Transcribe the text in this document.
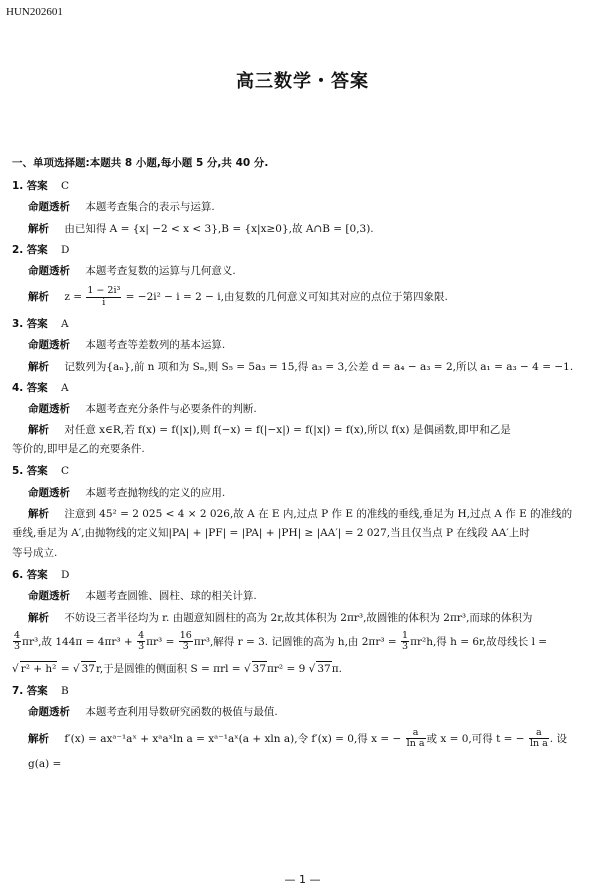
HUN202601
高三数学・答案
一、单项选择题:本题共 8 小题,每小题 5 分,共 40 分.
1. 答案 C
命题透析 本题考查集合的表示与运算.
解析 由已知得 A = {x| −2 < x < 3},B = {x|x≥0},故 A∩B = [0,3).
2. 答案 D
命题透析 本题考查复数的运算与几何意义.
解析 $z = \frac{\text{1 − 2i³}}{i} = -2i^2 - i = 2 - i$,由复数的几何意义可知其对应的点位于第四象限.
3. 答案 A
命题透析 本题考查等差数列的基本运算.
解析 记数列为{aₙ},前 n 项和为 Sₙ,则 S₅ = 5a₃ = 15,得 a₃ = 3,公差 d = a₄ − a₃ = 2,所以 a₁ = a₃ − 4 = −1.
4. 答案 A
命题透析 本题考查充分条件与必要条件的判断.
解析 对任意 x∈R,若 f(x) = f(|x|),则 f(−x) = f(|−x|) = f(|x|) = f(x),所以 f(x) 是偶函数,即甲和乙是
等价的,即甲是乙的充要条件.
5. 答案 C
命题透析 本题考查抛物线的定义的应用.
解析 注意到 45² = 2 025 < 4 × 2 026,故 A 在 E 内,过点 P 作 E 的准线的垂线,垂足为 H,过点 A 作 E 的准线的
垂线,垂足为 A′,由抛物线的定义知|PA| + |PF| = |PA| + |PH| ≥ |AA′| = 2 027,当且仅当点 P 在线段 AA′上时
等号成立.
6. 答案 D
命题透析 本题考查圆锥、圆柱、球的相关计算.
解析 不妨设三者半径均为 r. 由题意知圆柱的高为 2r,故其体积为 2πr³,故圆锥的体积为 2πr³,而球的体积为
$\frac{4}{3} \pi r^3$,故 $144\pi = 4\pi r^3 + \frac{4}{3} \pi r^3 = \frac{16}{3} \pi r^3$,解得 r = 3. 记圆锥的高为 h,由 $2\pi r^3 = \frac{1}{3} \pi r^2h$,得 h = 6r,故母线长 l =
√ r² + h² = √ 37r,于是圆锥的侧面积 S = πrl = √ 37πr² = 9 √ 37π.
7. 答案 B
命题透析 本题考查利用导数研究函数的极值与最值.
解析 f′(x) = axᵃ⁻¹aˣ + xᵃaˣln a = xᵃ⁻¹aˣ(a + xln a),令 f′(x) = 0,得 x = − $\frac{a}{\text{ln a}}$ 或 x = 0,可得 t = − $\frac{a}{\text{ln a}}$ . 设 g(a) =
— 1 —
